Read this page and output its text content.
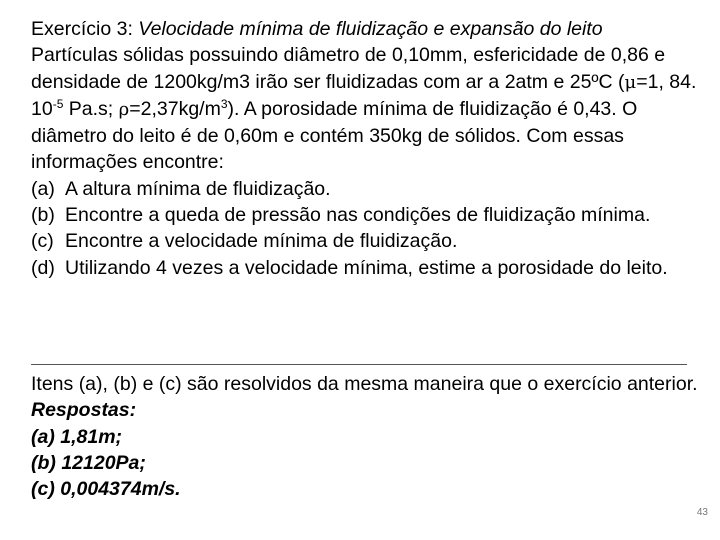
Exercício 3: Velocidade mínima de fluidização e expansão do leito

Partículas sólidas possuindo diâmetro de 0,10mm, esfericidade de 0,86 e densidade de 1200kg/m3 irão ser fluidizadas com ar a 2atm e 25ºC (μ=1, 84. $10^{-5}$ Pa.s; $\rho=2,37kg/m^3$). A porosidade mínima de fluidização é 0,43. O diâmetro do leito é de 0,60m e contém 350kg de sólidos. Com essas informações encontre:

(a) A altura mínima de fluidização.
(b) Encontre a queda de pressão nas condições de fluidização mínima.
(c) Encontre a velocidade mínima de fluidização.
(d) Utilizando 4 vezes a velocidade mínima, estime a porosidade do leito.
Itens (a), (b) e (c) são resolvidos da mesma maneira que o exercício anterior.
Respostas:
(a) 1,81m;
(b) 12120Pa;
(c) 0,004374m/s.
43
